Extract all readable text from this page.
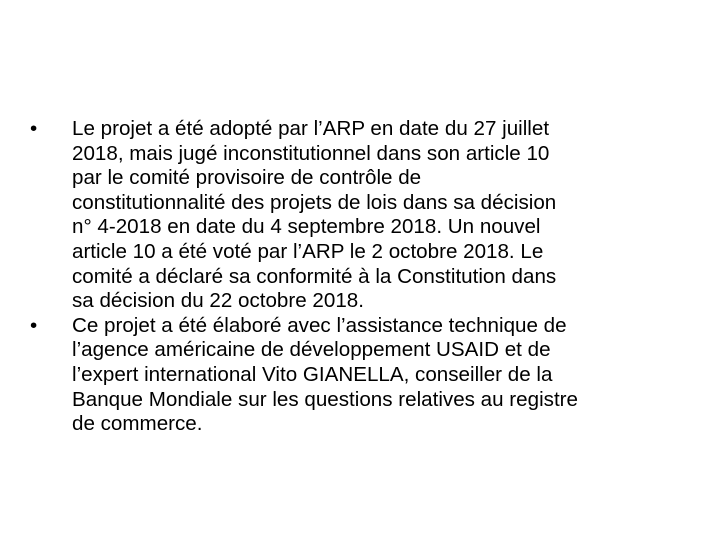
•	Le projet a été adopté par l’ARP en date du 27 juillet
2018, mais jugé inconstitutionnel dans son article 10
par le comité provisoire de contrôle de
constitutionnalité des projets de lois dans sa décision
n° 4-2018 en date du 4 septembre 2018. Un nouvel
article 10 a été voté par l’ARP le 2 octobre 2018. Le
comité a déclaré sa conformité à la Constitution dans
sa décision du 22 octobre 2018.
•	Ce projet a été élaboré avec l’assistance technique de
l’agence américaine de développement USAID et de
l’expert international Vito GIANELLA, conseiller de la
Banque Mondiale sur les questions relatives au registre
de commerce.
